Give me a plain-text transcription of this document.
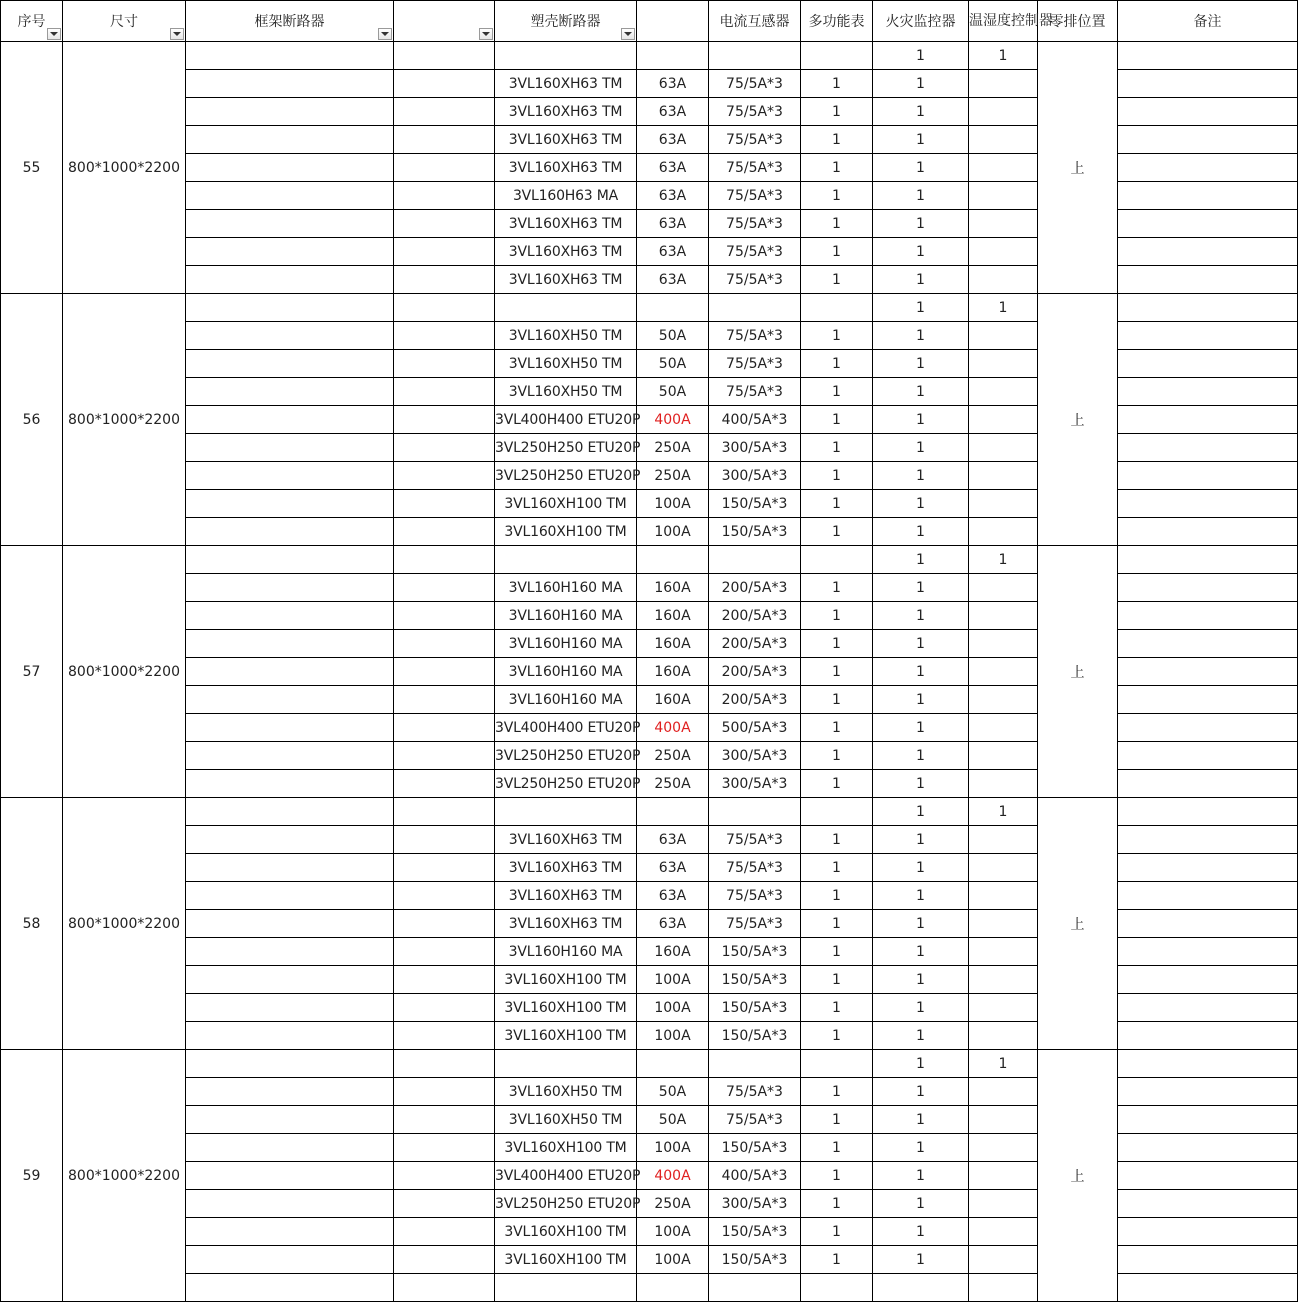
序号	尺寸	框架断路器		塑壳断路器		电流互感器	多功能表	火灾监控器	温湿度控制器	零排位置	备注
55	800*1000*2200							1	1	上	
				3VL160XH63 TM	63A	75/5A*3	1	1			
				3VL160XH63 TM	63A	75/5A*3	1	1			
				3VL160XH63 TM	63A	75/5A*3	1	1			
				3VL160XH63 TM	63A	75/5A*3	1	1			
				3VL160H63 MA	63A	75/5A*3	1	1			
				3VL160XH63 TM	63A	75/5A*3	1	1			
				3VL160XH63 TM	63A	75/5A*3	1	1			
				3VL160XH63 TM	63A	75/5A*3	1	1			
56	800*1000*2200							1	1	上	
				3VL160XH50 TM	50A	75/5A*3	1	1			
				3VL160XH50 TM	50A	75/5A*3	1	1			
				3VL160XH50 TM	50A	75/5A*3	1	1			
				3VL400H400 ETU20P	400A	400/5A*3	1	1			
				3VL250H250 ETU20P	250A	300/5A*3	1	1			
				3VL250H250 ETU20P	250A	300/5A*3	1	1			
				3VL160XH100 TM	100A	150/5A*3	1	1			
				3VL160XH100 TM	100A	150/5A*3	1	1			
57	800*1000*2200							1	1	上	
				3VL160H160 MA	160A	200/5A*3	1	1			
				3VL160H160 MA	160A	200/5A*3	1	1			
				3VL160H160 MA	160A	200/5A*3	1	1			
				3VL160H160 MA	160A	200/5A*3	1	1			
				3VL160H160 MA	160A	200/5A*3	1	1			
				3VL400H400 ETU20P	400A	500/5A*3	1	1			
				3VL250H250 ETU20P	250A	300/5A*3	1	1			
				3VL250H250 ETU20P	250A	300/5A*3	1	1			
58	800*1000*2200							1	1	上	
				3VL160XH63 TM	63A	75/5A*3	1	1			
				3VL160XH63 TM	63A	75/5A*3	1	1			
				3VL160XH63 TM	63A	75/5A*3	1	1			
				3VL160XH63 TM	63A	75/5A*3	1	1			
				3VL160H160 MA	160A	150/5A*3	1	1			
				3VL160XH100 TM	100A	150/5A*3	1	1			
				3VL160XH100 TM	100A	150/5A*3	1	1			
				3VL160XH100 TM	100A	150/5A*3	1	1			
59	800*1000*2200							1	1	上	
				3VL160XH50 TM	50A	75/5A*3	1	1			
				3VL160XH50 TM	50A	75/5A*3	1	1			
				3VL160XH100 TM	100A	150/5A*3	1	1			
				3VL400H400 ETU20P	400A	400/5A*3	1	1			
				3VL250H250 ETU20P	250A	300/5A*3	1	1			
				3VL160XH100 TM	100A	150/5A*3	1	1			
				3VL160XH100 TM	100A	150/5A*3	1	1			
